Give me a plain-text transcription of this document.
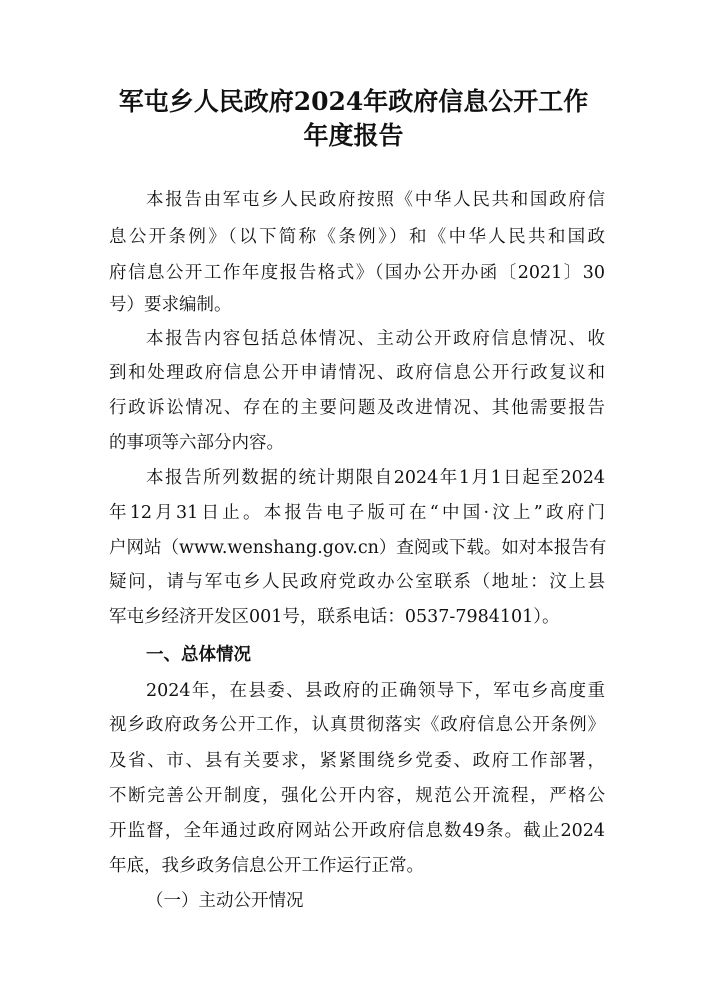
军屯乡人民政府2024年政府信息公开工作
年度报告
本报告由军屯乡人民政府按照《中华人民共和国政府信
息公开条例》（以下简称《条例》）和《中华人民共和国政
府信息公开工作年度报告格式》（国办公开办函〔2021〕30
号）要求编制。
本报告内容包括总体情况、主动公开政府信息情况、收
到和处理政府信息公开申请情况、政府信息公开行政复议和
行政诉讼情况、存在的主要问题及改进情况、其他需要报告
的事项等六部分内容。
本报告所列数据的统计期限自2024年1月1日起至2024
年12月31日止。本报告电子版可在“中国·汶上”政府门
户网站（www.wenshang.gov.cn）查阅或下载。如对本报告有
疑问，请与军屯乡人民政府党政办公室联系（地址：汶上县
军屯乡经济开发区001号，联系电话：0537-7984101）。
一、总体情况
2024年，在县委、县政府的正确领导下，军屯乡高度重
视乡政府政务公开工作，认真贯彻落实《政府信息公开条例》
及省、市、县有关要求，紧紧围绕乡党委、政府工作部署，
不断完善公开制度，强化公开内容，规范公开流程，严格公
开监督，全年通过政府网站公开政府信息数49条。截止2024
年底，我乡政务信息公开工作运行正常。
（一）主动公开情况
